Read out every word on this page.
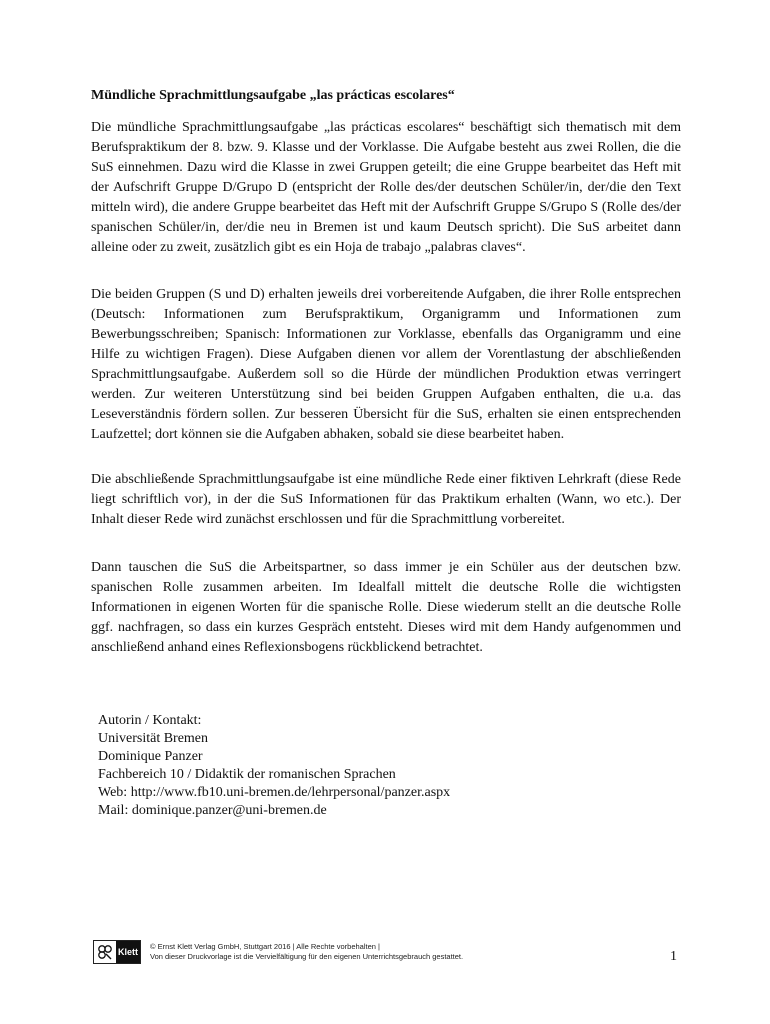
Mündliche Sprachmittlungsaufgabe „las prácticas escolares“

Die mündliche Sprachmittlungsaufgabe „las prácticas escolares“ beschäftigt sich thematisch mit dem Berufspraktikum der 8. bzw. 9. Klasse und der Vorklasse. Die Aufgabe besteht aus zwei Rollen, die die SuS einnehmen. Dazu wird die Klasse in zwei Gruppen geteilt; die eine Gruppe bearbeitet das Heft mit der Aufschrift Gruppe D/Grupo D (entspricht der Rolle des/der deutschen Schüler/in, der/die den Text mitteln wird), die andere Gruppe bearbeitet das Heft mit der Aufschrift Gruppe S/Grupo S (Rolle des/der spanischen Schüler/in, der/die neu in Bremen ist und kaum Deutsch spricht). Die SuS arbeitet dann alleine oder zu zweit, zusätzlich gibt es ein Hoja de trabajo „palabras claves“.

Die beiden Gruppen (S und D) erhalten jeweils drei vorbereitende Aufgaben, die ihrer Rolle entsprechen (Deutsch: Informationen zum Berufspraktikum, Organigramm und Informationen zum Bewerbungsschreiben; Spanisch: Informationen zur Vorklasse, ebenfalls das Organigramm und eine Hilfe zu wichtigen Fragen). Diese Aufgaben dienen vor allem der Vorentlastung der abschließenden Sprachmittlungsaufgabe. Außerdem soll so die Hürde der mündlichen Produktion etwas verringert werden. Zur weiteren Unterstützung sind bei beiden Gruppen Aufgaben enthalten, die u.a. das Leseverständnis fördern sollen. Zur besseren Übersicht für die SuS, erhalten sie einen entsprechenden Laufzettel; dort können sie die Aufgaben abhaken, sobald sie diese bearbeitet haben.

Die abschließende Sprachmittlungsaufgabe ist eine mündliche Rede einer fiktiven Lehrkraft (diese Rede liegt schriftlich vor), in der die SuS Informationen für das Praktikum erhalten (Wann, wo etc.). Der Inhalt dieser Rede wird zunächst erschlossen und für die Sprachmittlung vorbereitet.

Dann tauschen die SuS die Arbeitspartner, so dass immer je ein Schüler aus der deutschen bzw. spanischen Rolle zusammen arbeiten. Im Idealfall mittelt die deutsche Rolle die wichtigsten Informationen in eigenen Worten für die spanische Rolle. Diese wiederum stellt an die deutsche Rolle ggf. nachfragen, so dass ein kurzes Gespräch entsteht. Dieses wird mit dem Handy aufgenommen und anschließend anhand eines Reflexionsbogens rückblickend betrachtet.

Autorin / Kontakt:
Universität Bremen
Dominique Panzer
Fachbereich 10 / Didaktik der romanischen Sprachen
Web: http://www.fb10.uni-bremen.de/lehrpersonal/panzer.aspx
Mail: dominique.panzer@uni-bremen.de
Klett
© Ernst Klett Verlag GmbH, Stuttgart 2016 | Alle Rechte vorbehalten |
Von dieser Druckvorlage ist die Vervielfältigung für den eigenen Unterrichtsgebrauch gestattet.	1
